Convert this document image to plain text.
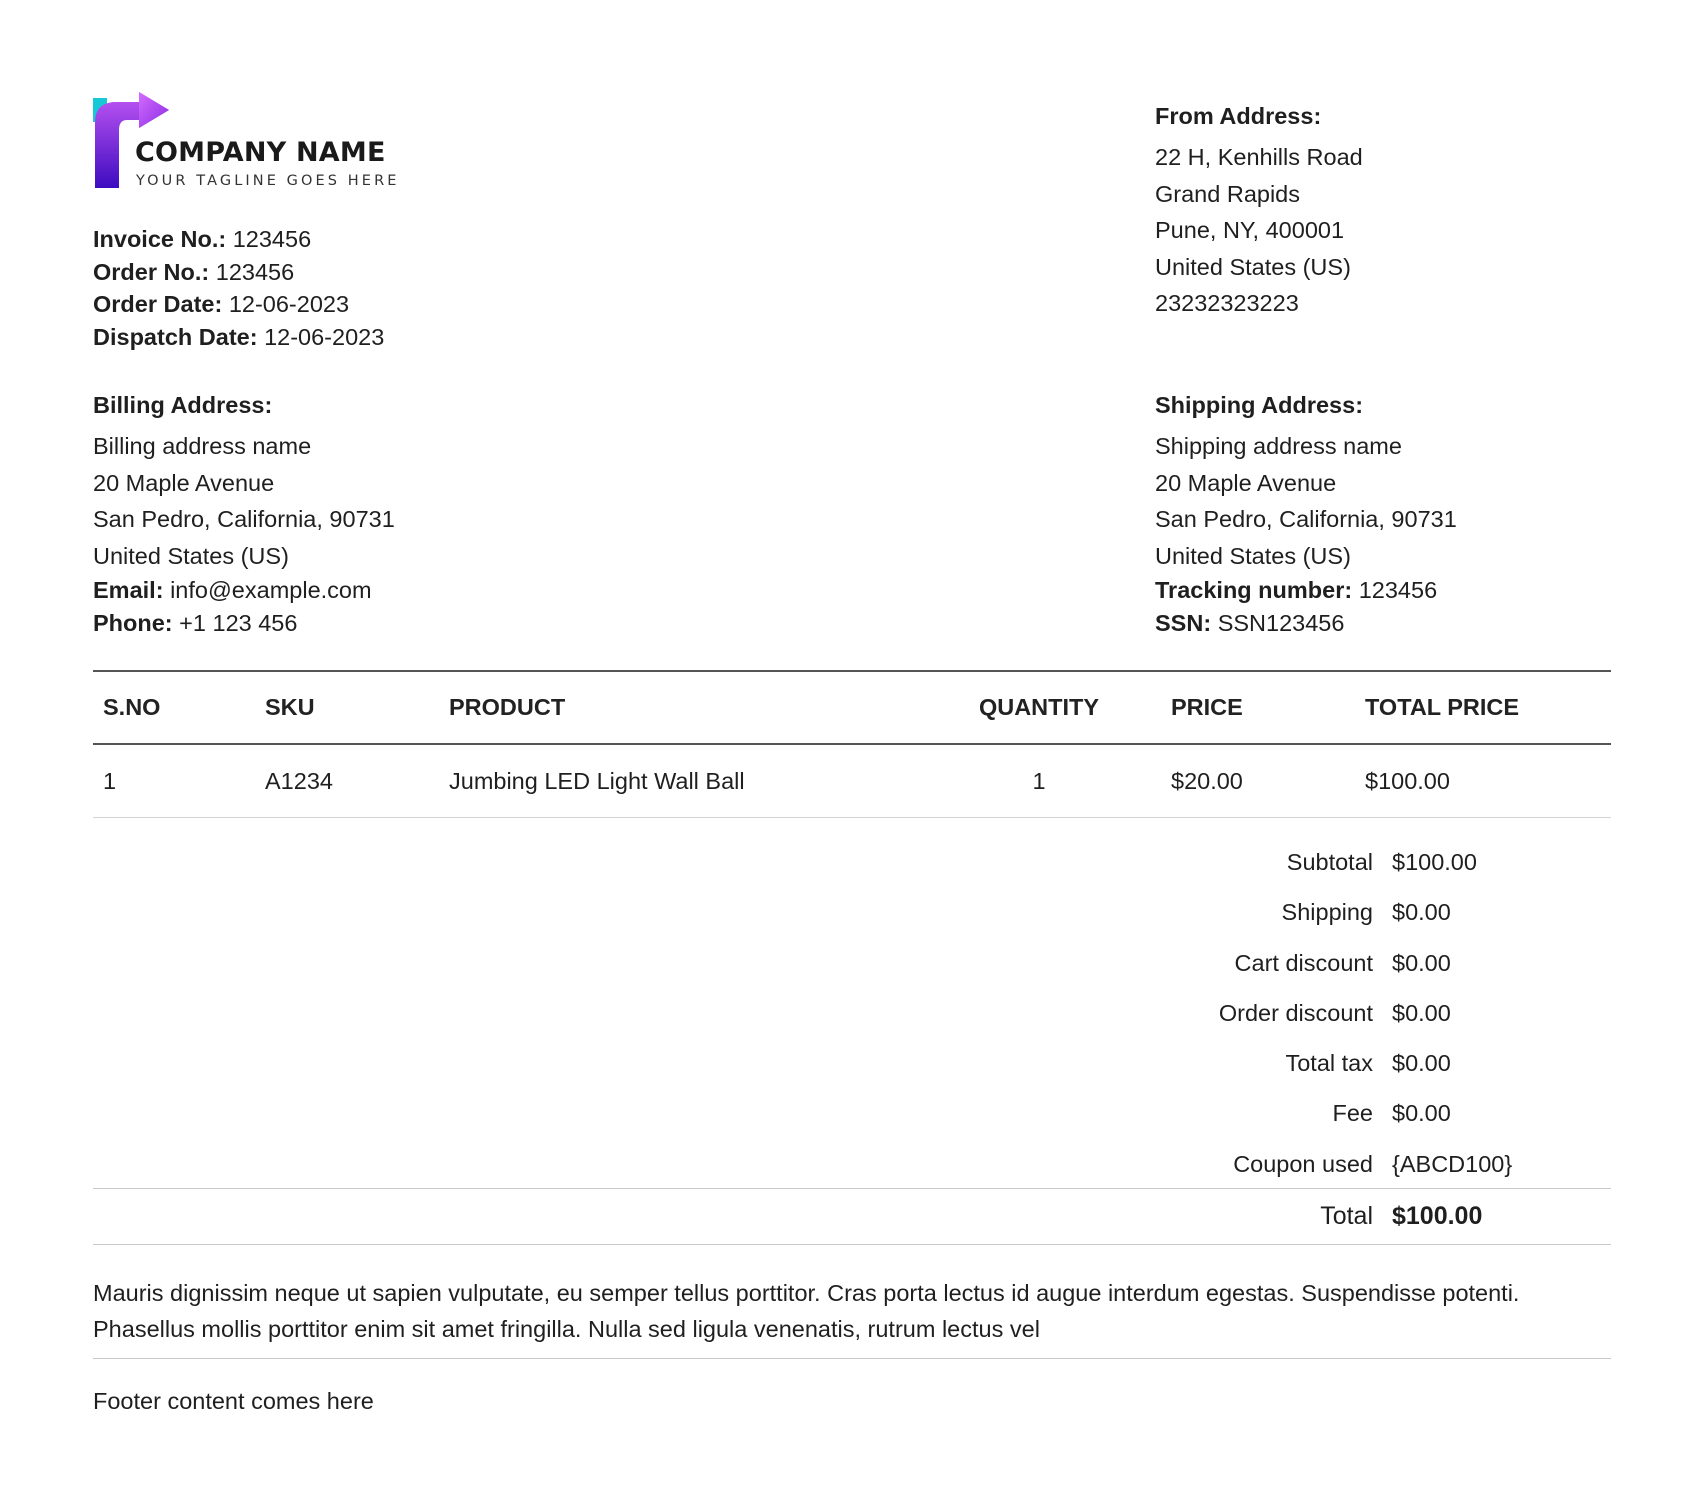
COMPANY NAME
YOUR TAGLINE GOES HERE
Invoice No.: 123456
Order No.: 123456
Order Date: 12-06-2023
Dispatch Date: 12-06-2023
From Address:
22 H, Kenhills Road
Grand Rapids
Pune, NY, 400001
United States (US)
23232323223
Billing Address:
Billing address name
20 Maple Avenue
San Pedro, California, 90731
United States (US)
Email: info@example.com
Phone: +1 123 456
Shipping Address:
Shipping address name
20 Maple Avenue
San Pedro, California, 90731
United States (US)
Tracking number: 123456
SSN: SSN123456
S.NO	SKU	PRODUCT	QUANTITY		PRICE	TOTAL PRICE
1	A1234	Jumbing LED Light Wall Ball	1		$20.00	$100.00
Subtotal $100.00
Shipping $0.00
Cart discount $0.00
Order discount $0.00
Total tax $0.00
Fee $0.00
Coupon used {ABCD100}
Total $100.00
Mauris dignissim neque ut sapien vulputate, eu semper tellus porttitor. Cras porta lectus id augue interdum egestas. Suspendisse potenti. Phasellus mollis porttitor enim sit amet fringilla. Nulla sed ligula venenatis, rutrum lectus vel
Footer content comes here
